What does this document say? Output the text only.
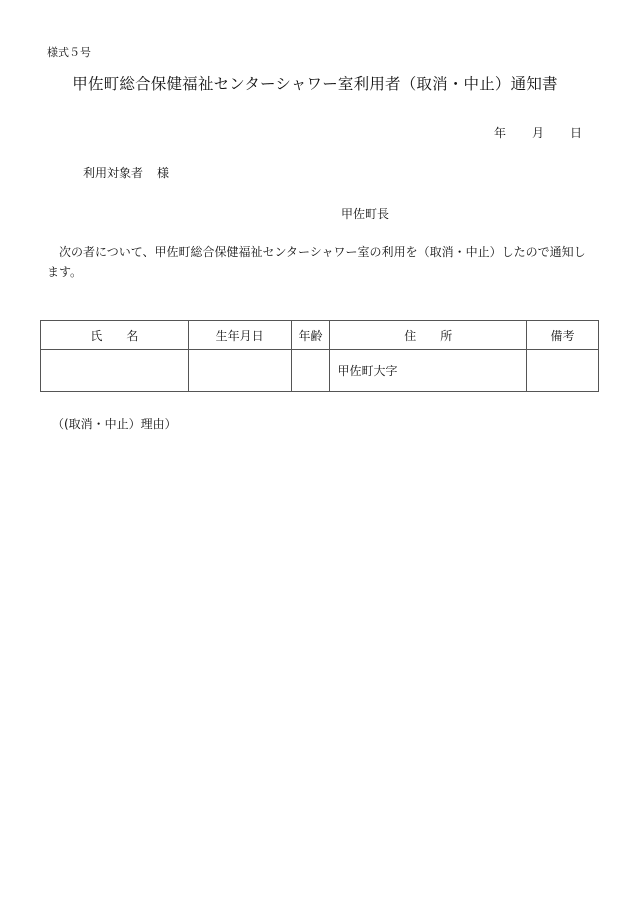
様式５号
甲佐町総合保健福祉センターシャワー室利用者（取消・中止）通知書
年 月 日
利用対象者 様
甲佐町長
次の者について、甲佐町総合保健福祉センターシャワー室の利用を（取消・中止）したので通知します。
氏　　名	生年月日	年齢	住　　所	備考
			甲佐町大字	
（(取消・中止）理由）
